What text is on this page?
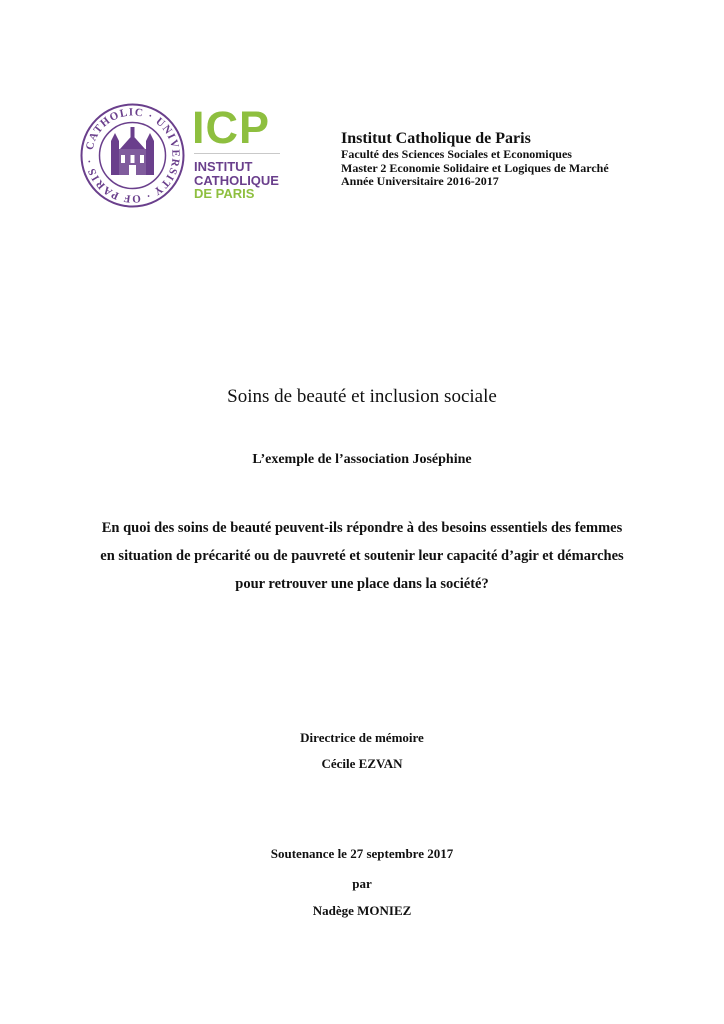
CATHOLIC · UNIVERSITY · OF PARIS ·
ICP
INSTITUT
CATHOLIQUE
DE PARIS
Institut Catholique de Paris
Faculté des Sciences Sociales et Economiques
Master 2 Economie Solidaire et Logiques de Marché
Année Universitaire 2016-2017
Soins de beauté et inclusion sociale
L’exemple de l’association Joséphine
En quoi des soins de beauté peuvent-ils répondre à des besoins essentiels des femmes
en situation de précarité ou de pauvreté et soutenir leur capacité d’agir et démarches
pour retrouver une place dans la société?
Directrice de mémoire
Cécile EZVAN
Soutenance le 27 septembre 2017
par
Nadège MONIEZ
